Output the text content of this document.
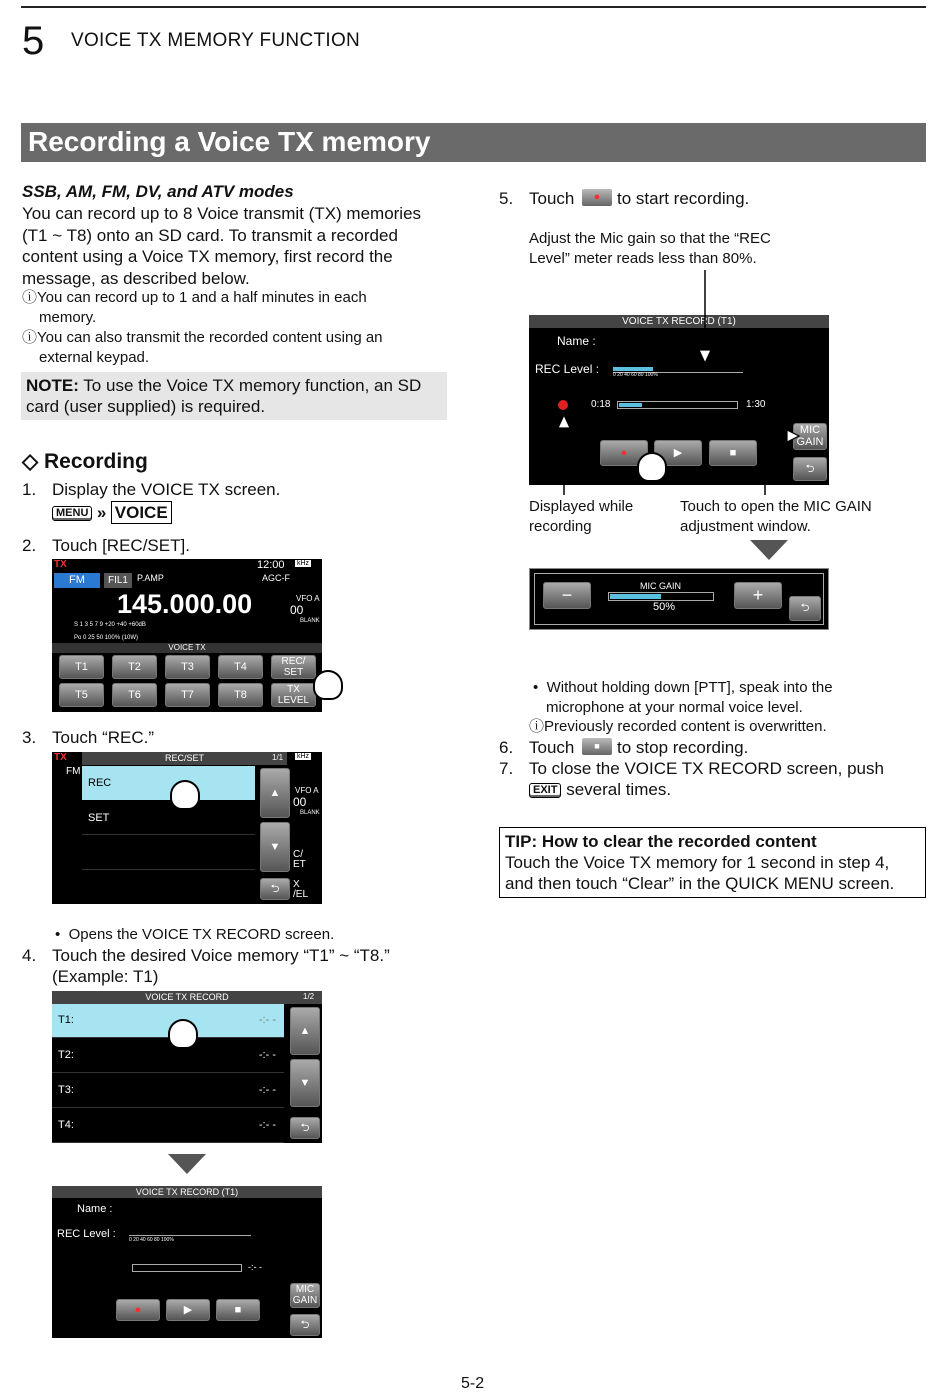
5 VOICE TX MEMORY FUNCTION
Recording a Voice TX memory
SSB, AM, FM, DV, and ATV modes
You can record up to 8 Voice transmit (TX) memories
(T1 ~ T8) onto an SD card. To transmit a recorded
content using a Voice TX memory, first record the
message, as described below.
ⓘYou can record up to 1 and a half minutes in each
memory.
ⓘYou can also transmit the recorded content using an
external keypad.
NOTE: To use the Voice TX memory function, an SD
card (user supplied) is required.
◇ Recording
1. Display the VOICE TX screen.
MENU » VOICE
2. Touch [REC/SET].
TX	12:00 kHz
FM	FIL1	P.AMP	AGC-F
145.000.00	VFO A
00
BLANK
S 1 3 5 7 9 +20 +40 +60dB
Po 0 25 50 100% (10W)
VOICE TX
T1	T2	T3	T4	REC/ SET
T5	T6	T7	T8	TX LEVEL
3. Touch “REC.”
TX	REC/SET	1/1 kHz
FM
REC
SET
▲
▼
⮌
VFO A
00
BLANK
C/
ET
X
/EL
•  Opens the VOICE TX RECORD screen.
4. Touch the desired Voice memory “T1” ~ “T8.”
(Example: T1)
VOICE TX RECORD	1/2
T1:	-:- -
T2:	-:- -
T3:	-:- -
T4:	-:- -
▲
▼
⮌
VOICE TX RECORD (T1)
Name :
REC Level :	0 20 40 60 80 100%
-:- -
●	▶	■
MIC
GAIN
⮌
5. Touch	● to start recording.
Adjust the Mic gain so that the “REC
Level” meter reads less than 80%.
VOICE TX RECORD (T1)
Name :
REC Level :	0 20 40 60 80 100%
0:18	1:30
●	▶	■
MIC
GAIN
⮌
Displayed while
recording
Touch to open the MIC GAIN
adjustment window.
−	MIC GAIN
50%
+
⮌
•  Without holding down [PTT], speak into the
microphone at your normal voice level.
ⓘPreviously recorded content is overwritten.
6. Touch	■	to stop recording.
7. To close the VOICE TX RECORD screen, push
EXIT several times.
TIP: How to clear the recorded content
Touch the Voice TX memory for 1 second in step 4,
and then touch “Clear” in the QUICK MENU screen.
5-2
